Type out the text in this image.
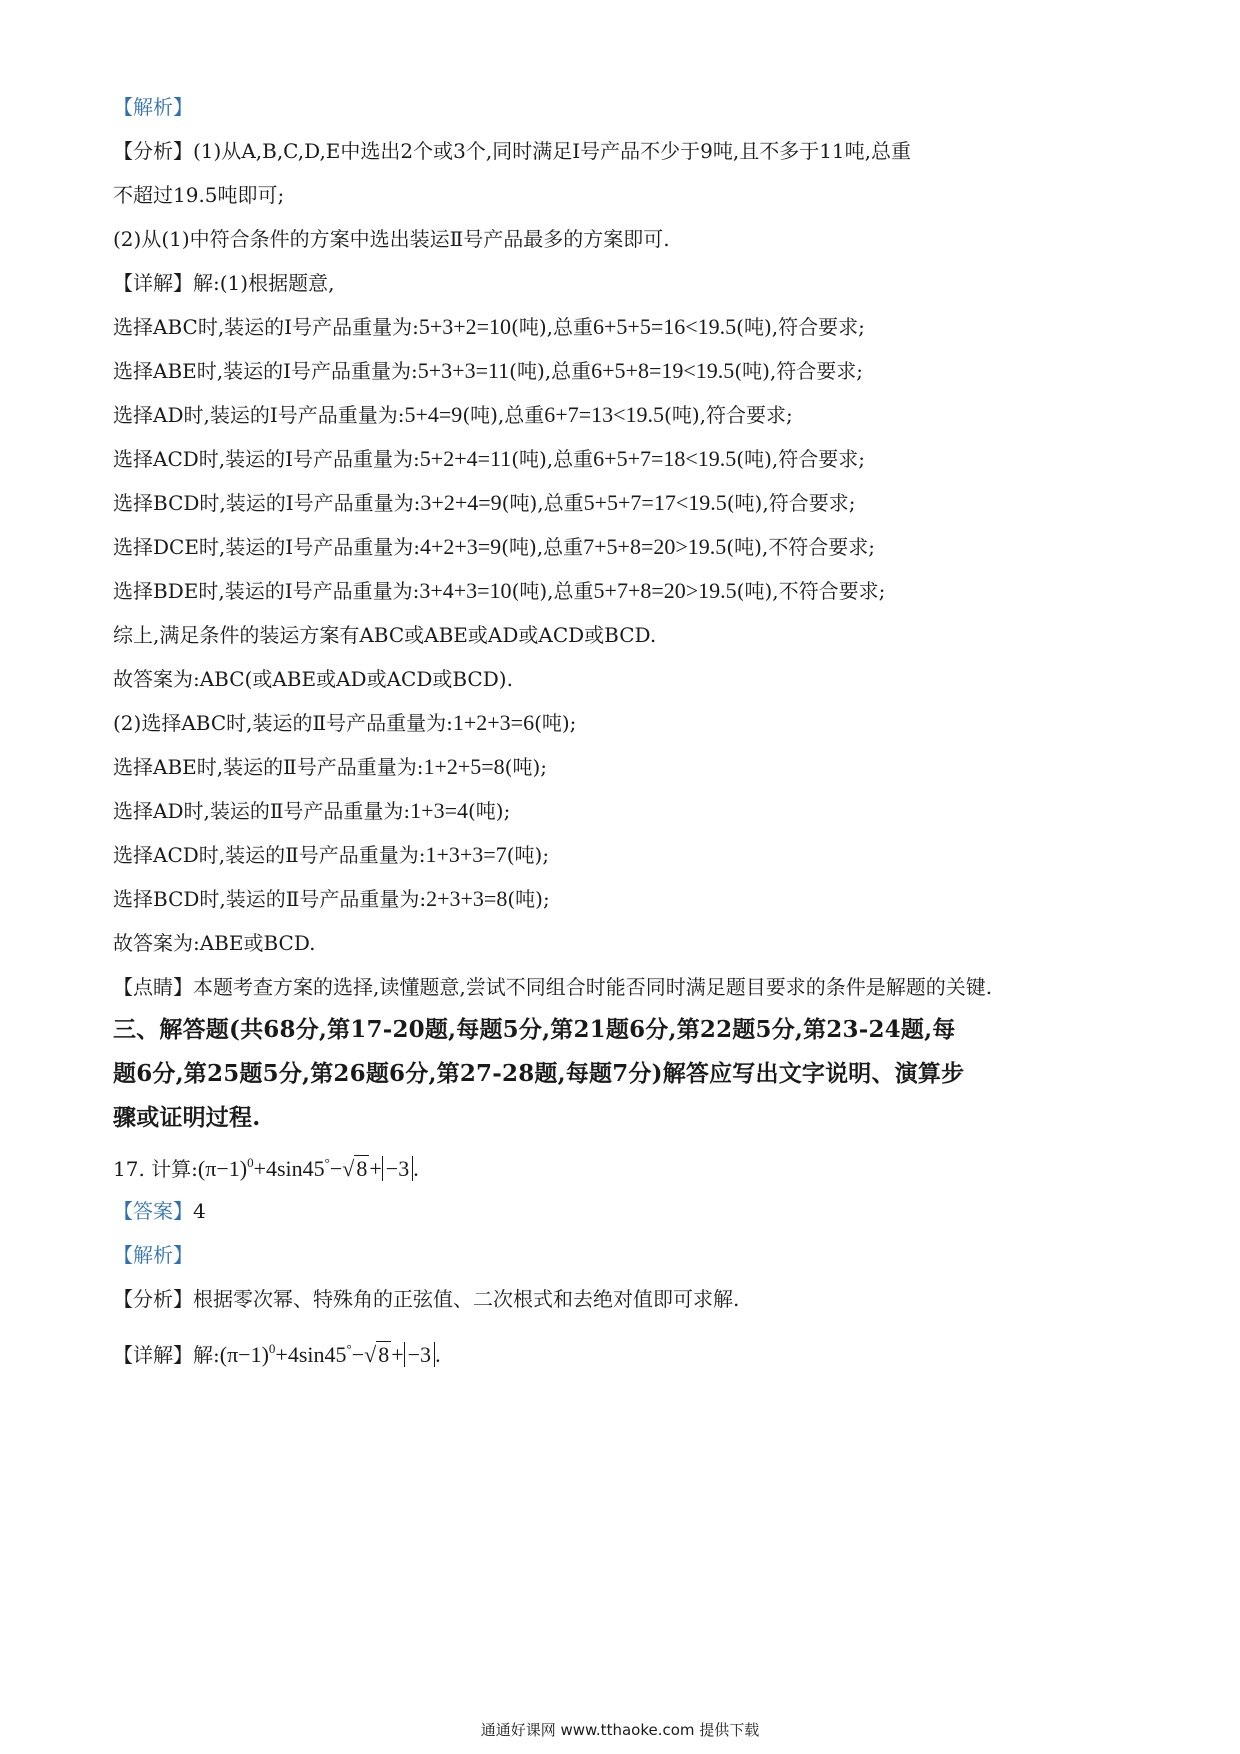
【解析】
【分析】(1)从A,B,C,D,E中选出2个或3个,同时满足I号产品不少于9吨,且不多于11吨,总重
不超过19.5吨即可;
(2)从(1)中符合条件的方案中选出装运Ⅱ号产品最多的方案即可.
【详解】解:(1)根据题意,
选择ABC时,装运的I号产品重量为:5+3+2=10(吨),总重6+5+5=16<19.5(吨),符合要求;
选择ABE时,装运的I号产品重量为:5+3+3=11(吨),总重6+5+8=19<19.5(吨),符合要求;
选择AD时,装运的I号产品重量为:5+4=9(吨),总重6+7=13<19.5(吨),符合要求;
选择ACD时,装运的I号产品重量为:5+2+4=11(吨),总重6+5+7=18<19.5(吨),符合要求;
选择BCD时,装运的I号产品重量为:3+2+4=9(吨),总重5+5+7=17<19.5(吨),符合要求;
选择DCE时,装运的I号产品重量为:4+2+3=9(吨),总重7+5+8=20>19.5(吨),不符合要求;
选择BDE时,装运的I号产品重量为:3+4+3=10(吨),总重5+7+8=20>19.5(吨),不符合要求;
综上,满足条件的装运方案有ABC或ABE或AD或ACD或BCD.
故答案为:ABC(或ABE或AD或ACD或BCD).
(2)选择ABC时,装运的Ⅱ号产品重量为:1+2+3=6(吨);
选择ABE时,装运的Ⅱ号产品重量为:1+2+5=8(吨);
选择AD时,装运的Ⅱ号产品重量为:1+3=4(吨);
选择ACD时,装运的Ⅱ号产品重量为:1+3+3=7(吨);
选择BCD时,装运的Ⅱ号产品重量为:2+3+3=8(吨);
故答案为:ABE或BCD.
【点睛】本题考查方案的选择,读懂题意,尝试不同组合时能否同时满足题目要求的条件是解题的关键.
三、解答题(共68分,第17-20题,每题5分,第21题6分,第22题5分,第23-24题,每
题6分,第25题5分,第26题6分,第27-28题,每题7分)解答应写出文字说明、演算步
骤或证明过程.
17. 计算$:(\pi-1)^0+4\sin 45^\circ-√8+ -3$ .
【答案】4
【解析】
【分析】根据零次幂、特殊角的正弦值、二次根式和去绝对值即可求解.
【详解】解$:(\pi-1)^0+4\sin 45^\circ-√8+ -3$ .
通通好课网 www.tthaoke.com 提供下载
